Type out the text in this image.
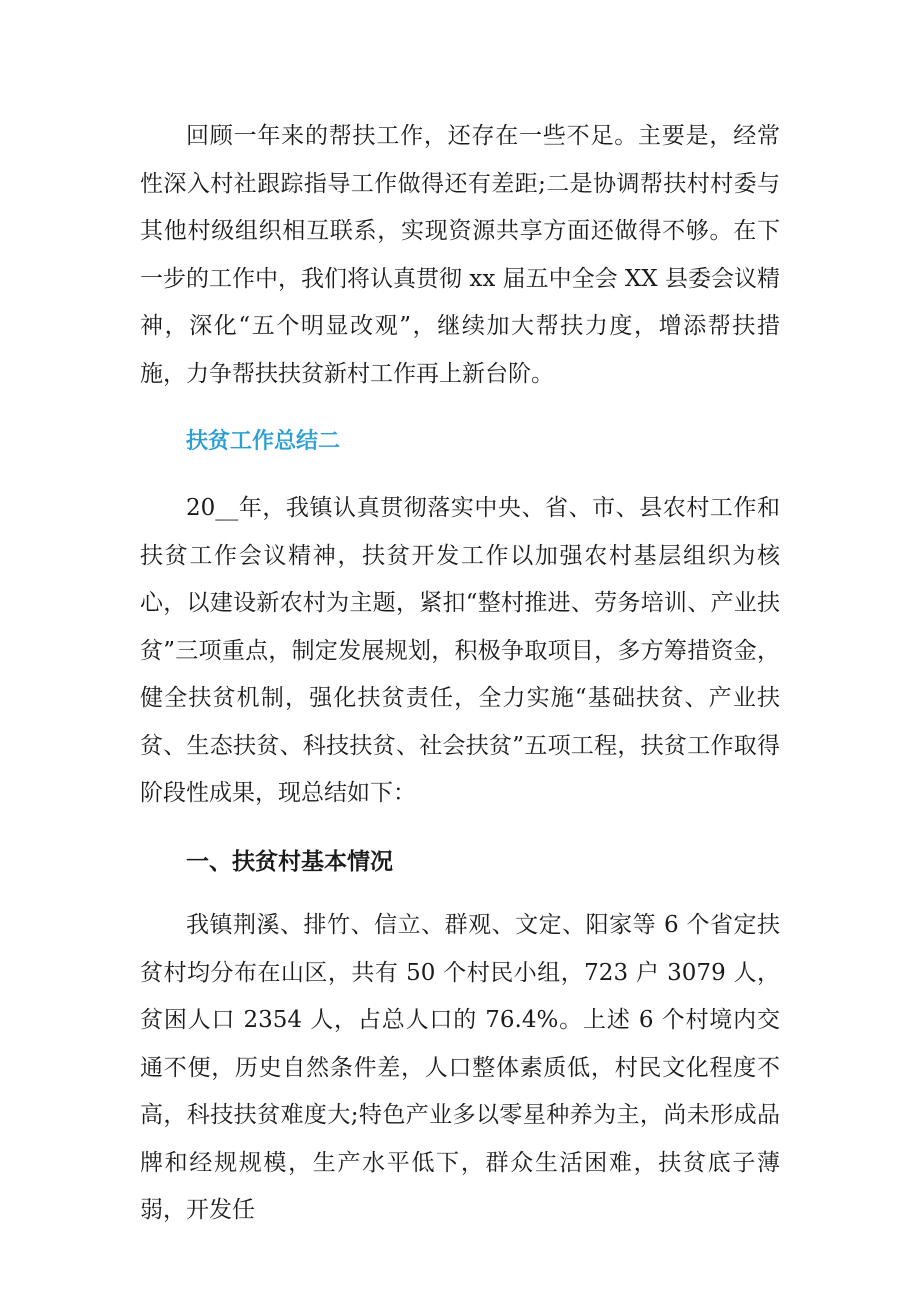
回顾一年来的帮扶工作，还存在一些不足。主要是，经常性深入村社跟踪指导工作做得还有差距;二是协调帮扶村村委与其他村级组织相互联系，实现资源共享方面还做得不够。在下一步的工作中，我们将认真贯彻 xx 届五中全会 XX 县委会议精神，深化“五个明显改观”，继续加大帮扶力度，增添帮扶措施，力争帮扶扶贫新村工作再上新台阶。

扶贫工作总结二

20__年，我镇认真贯彻落实中央、省、市、县农村工作和扶贫工作会议精神，扶贫开发工作以加强农村基层组织为核心，以建设新农村为主题，紧扣“整村推进、劳务培训、产业扶贫”三项重点，制定发展规划，积极争取项目，多方筹措资金，健全扶贫机制，强化扶贫责任，全力实施“基础扶贫、产业扶贫、生态扶贫、科技扶贫、社会扶贫”五项工程，扶贫工作取得阶段性成果，现总结如下：

一、扶贫村基本情况

我镇荆溪、排竹、信立、群观、文定、阳家等 6 个省定扶贫村均分布在山区，共有 50 个村民小组，723 户 3079 人，贫困人口 2354 人，占总人口的 76.4%。上述 6 个村境内交通不便，历史自然条件差，人口整体素质低，村民文化程度不高，科技扶贫难度大;特色产业多以零星种养为主，尚未形成品牌和经规规模，生产水平低下，群众生活困难，扶贫底子薄弱，开发任
